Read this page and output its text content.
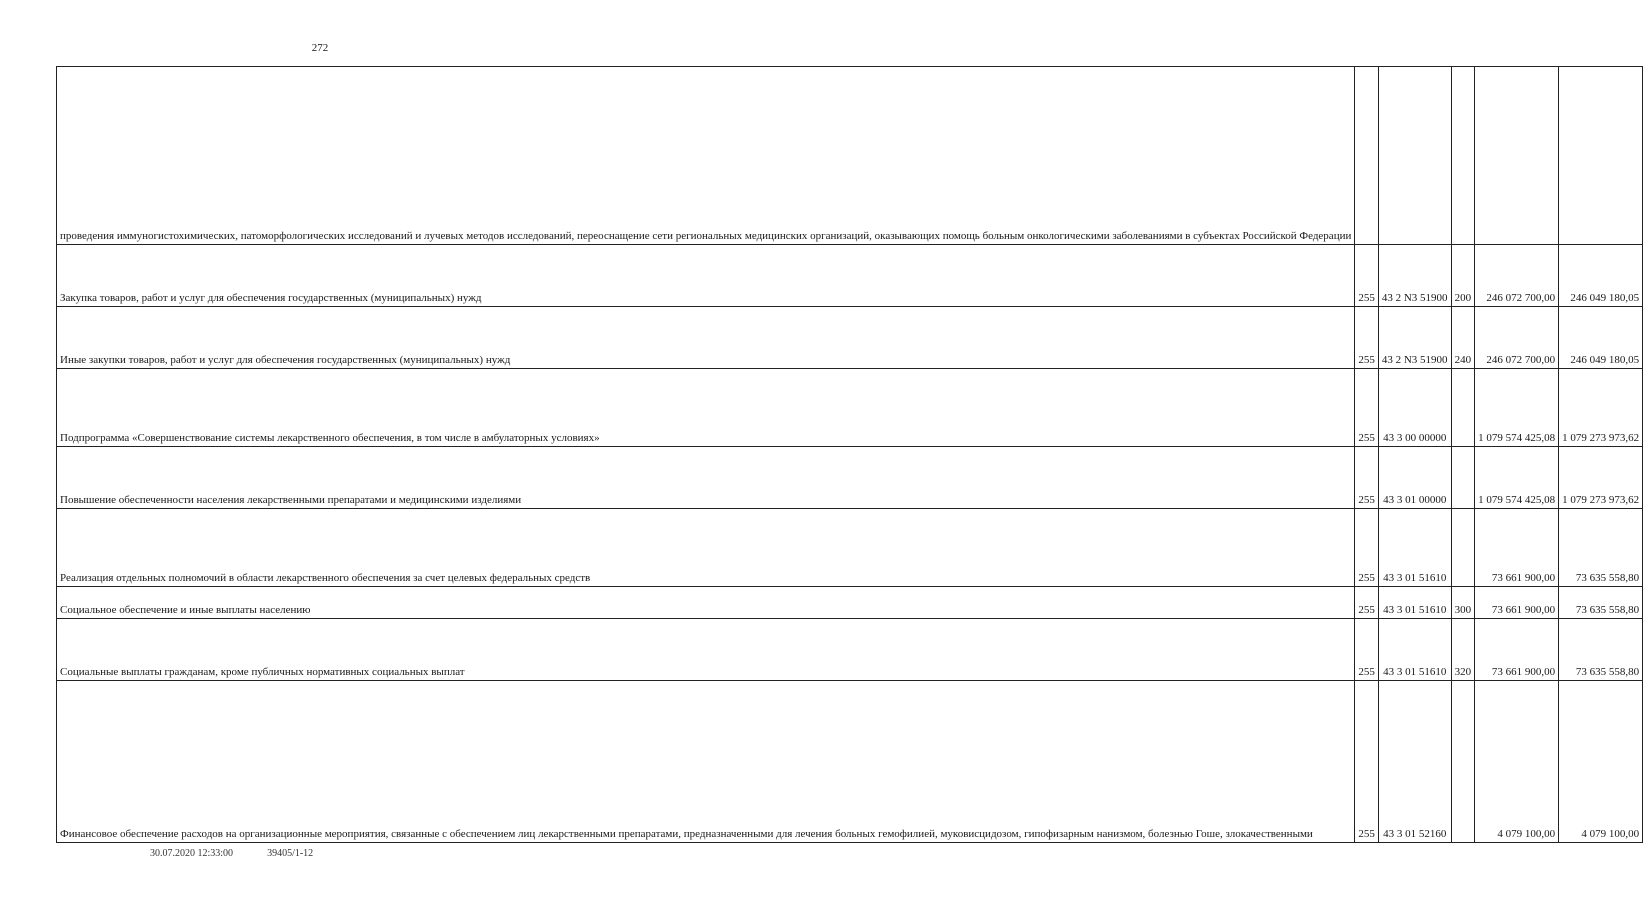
272
проведения иммуногистохимических, патоморфологических исследований и лучевых методов исследований, переоснащение сети региональных медицинских организаций, оказывающих помощь больным онкологическими заболеваниями в субъектах Российской Федерации					
Закупка товаров, работ и услуг для обеспечения государственных (муниципальных) нужд	255	43 2 N3 51900	200	246 072 700,00	246 049 180,05
Иные закупки товаров, работ и услуг для обеспечения государственных (муниципальных) нужд	255	43 2 N3 51900	240	246 072 700,00	246 049 180,05
Подпрограмма «Совершенствование системы лекарственного обеспечения, в том числе в амбулаторных условиях»	255	43 3 00 00000		1 079 574 425,08	1 079 273 973,62
Повышение обеспеченности населения лекарственными препаратами и медицинскими изделиями	255	43 3 01 00000		1 079 574 425,08	1 079 273 973,62
Реализация отдельных полномочий в области лекарственного обеспечения за счет целевых федеральных средств	255	43 3 01 51610		73 661 900,00	73 635 558,80
Социальное обеспечение и иные выплаты населению	255	43 3 01 51610	300	73 661 900,00	73 635 558,80
Социальные выплаты гражданам, кроме публичных нормативных социальных выплат	255	43 3 01 51610	320	73 661 900,00	73 635 558,80
Финансовое обеспечение расходов на организационные мероприятия, связанные с обеспечением лиц лекарственными препаратами, предназначенными для лечения больных гемофилией, муковисцидозом, гипофизарным нанизмом, болезнью Гоше, злокачественными	255	43 3 01 52160		4 079 100,00	4 079 100,00
30.07.2020 12:33:00	39405/1-12
